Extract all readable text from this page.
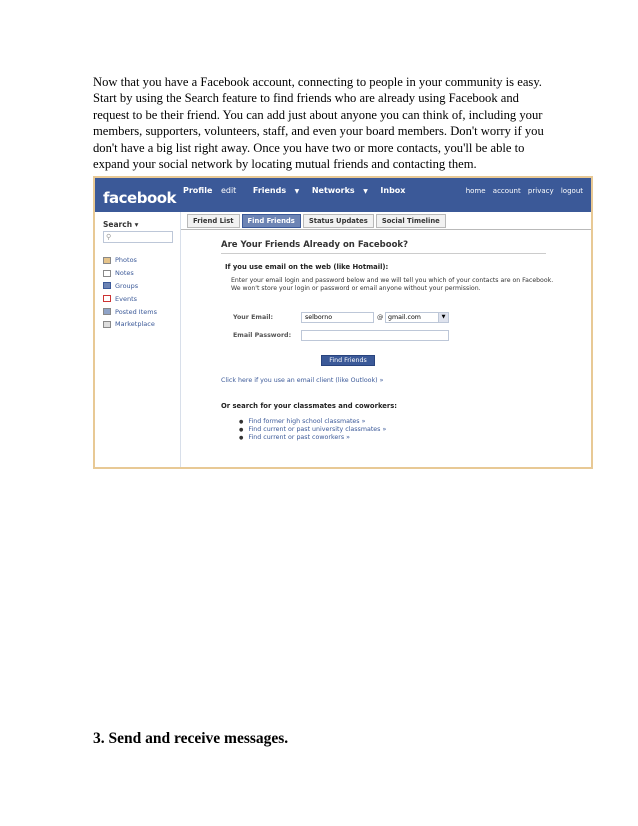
Now that you have a Facebook account, connecting to people in your community is easy. Start by using the Search feature to find friends who are already using Facebook and request to be their friend. You can add just about anyone you can think of, including your members, supporters, volunteers, staff, and even your board members. Don't worry if you don't have a big list right away. Once you have two or more contacts, you'll be able to expand your social network by locating mutual friends and contacting them.

facebook Profile edit Friends ▼ Networks ▼ Inbox	home account privacy logout
Search ▾
⚲
Photos
Notes
Groups
Events
Posted Items
Marketplace
Friend List	Find Friends	Status Updates	Social Timeline
Are Your Friends Already on Facebook?
If you use email on the web (like Hotmail):
Enter your email login and password below and we will tell you which of your contacts are on Facebook.
We won't store your login or password or email anyone without your permission.
Your Email:	selborno	@ gmail.com	▼
Email Password:
Find Friends
Click here if you use an email client (like Outlook) »
Or search for your classmates and coworkers:
● Find former high school classmates »
● Find current or past university classmates »
● Find current or past coworkers »
3. Send and receive messages.
